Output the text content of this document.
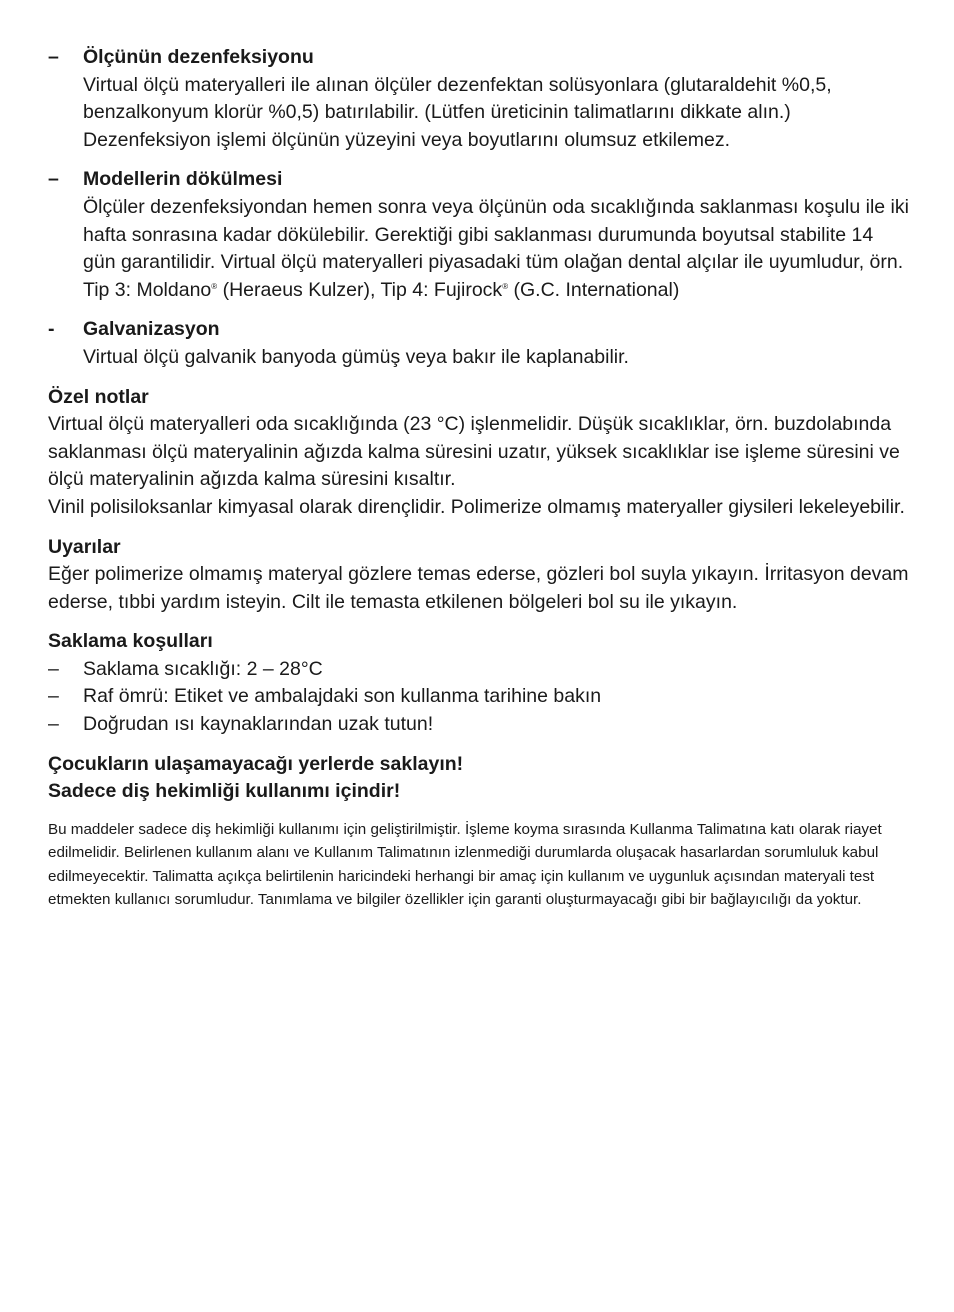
–	Ölçünün dezenfeksiyonu

Virtual ölçü materyalleri ile alınan ölçüler dezenfektan solüsyonlara (glutaraldehit %0,5, benzalkonyum klorür %0,5) batırılabilir. (Lütfen üreticinin talimatlarını dikkate alın.) Dezenfeksiyon işlemi ölçünün yüzeyini veya boyutlarını olumsuz etkilemez.

–	Modellerin dökülmesi

Ölçüler dezenfeksiyondan hemen sonra veya ölçünün oda sıcaklığında saklanması koşulu ile iki hafta sonrasına kadar dökülebilir. Gerektiği gibi saklanması durumunda boyutsal stabilite 14 gün garantilidir. Virtual ölçü materyalleri piyasadaki tüm olağan dental alçılar ile uyumludur, örn. Tip 3: Moldano® (Heraeus Kulzer), Tip 4: Fujirock® (G.C. International)

-	Galvanizasyon

Virtual ölçü galvanik banyoda gümüş veya bakır ile kaplanabilir.

Özel notlar

Virtual ölçü materyalleri oda sıcaklığında (23 °C) işlenmelidir. Düşük sıcaklıklar, örn. buzdolabında saklanması ölçü materyalinin ağızda kalma süresini uzatır, yüksek sıcaklıklar ise işleme süresini ve ölçü materyalinin ağızda kalma süresini kısaltır.

Vinil polisiloksanlar kimyasal olarak dirençlidir. Polimerize olmamış materyaller giysileri lekeleyebilir.

Uyarılar

Eğer polimerize olmamış materyal gözlere temas ederse, gözleri bol suyla yıkayın. İrritasyon devam ederse, tıbbi yardım isteyin. Cilt ile temasta etkilenen bölgeleri bol su ile yıkayın.

Saklama koşulları

–	Saklama sıcaklığı: 2 – 28°C
–	Raf ömrü: Etiket ve ambalajdaki son kullanma tarihine bakın
–	Doğrudan ısı kaynaklarından uzak tutun!

Çocukların ulaşamayacağı yerlerde saklayın!

Sadece diş hekimliği kullanımı içindir!

Bu maddeler sadece diş hekimliği kullanımı için geliştirilmiştir. İşleme koyma sırasında Kullanma Talimatına katı olarak riayet edilmelidir. Belirlenen kullanım alanı ve Kullanım Talimatının izlenmediği durumlarda oluşacak hasarlardan sorumluluk kabul edilmeyecektir. Talimatta açıkça belirtilenin haricindeki herhangi bir amaç için kullanım ve uygunluk açısından materyali test etmekten kullanıcı sorumludur. Tanımlama ve bilgiler özellikler için garanti oluşturmayacağı gibi bir bağlayıcılığı da yoktur.
